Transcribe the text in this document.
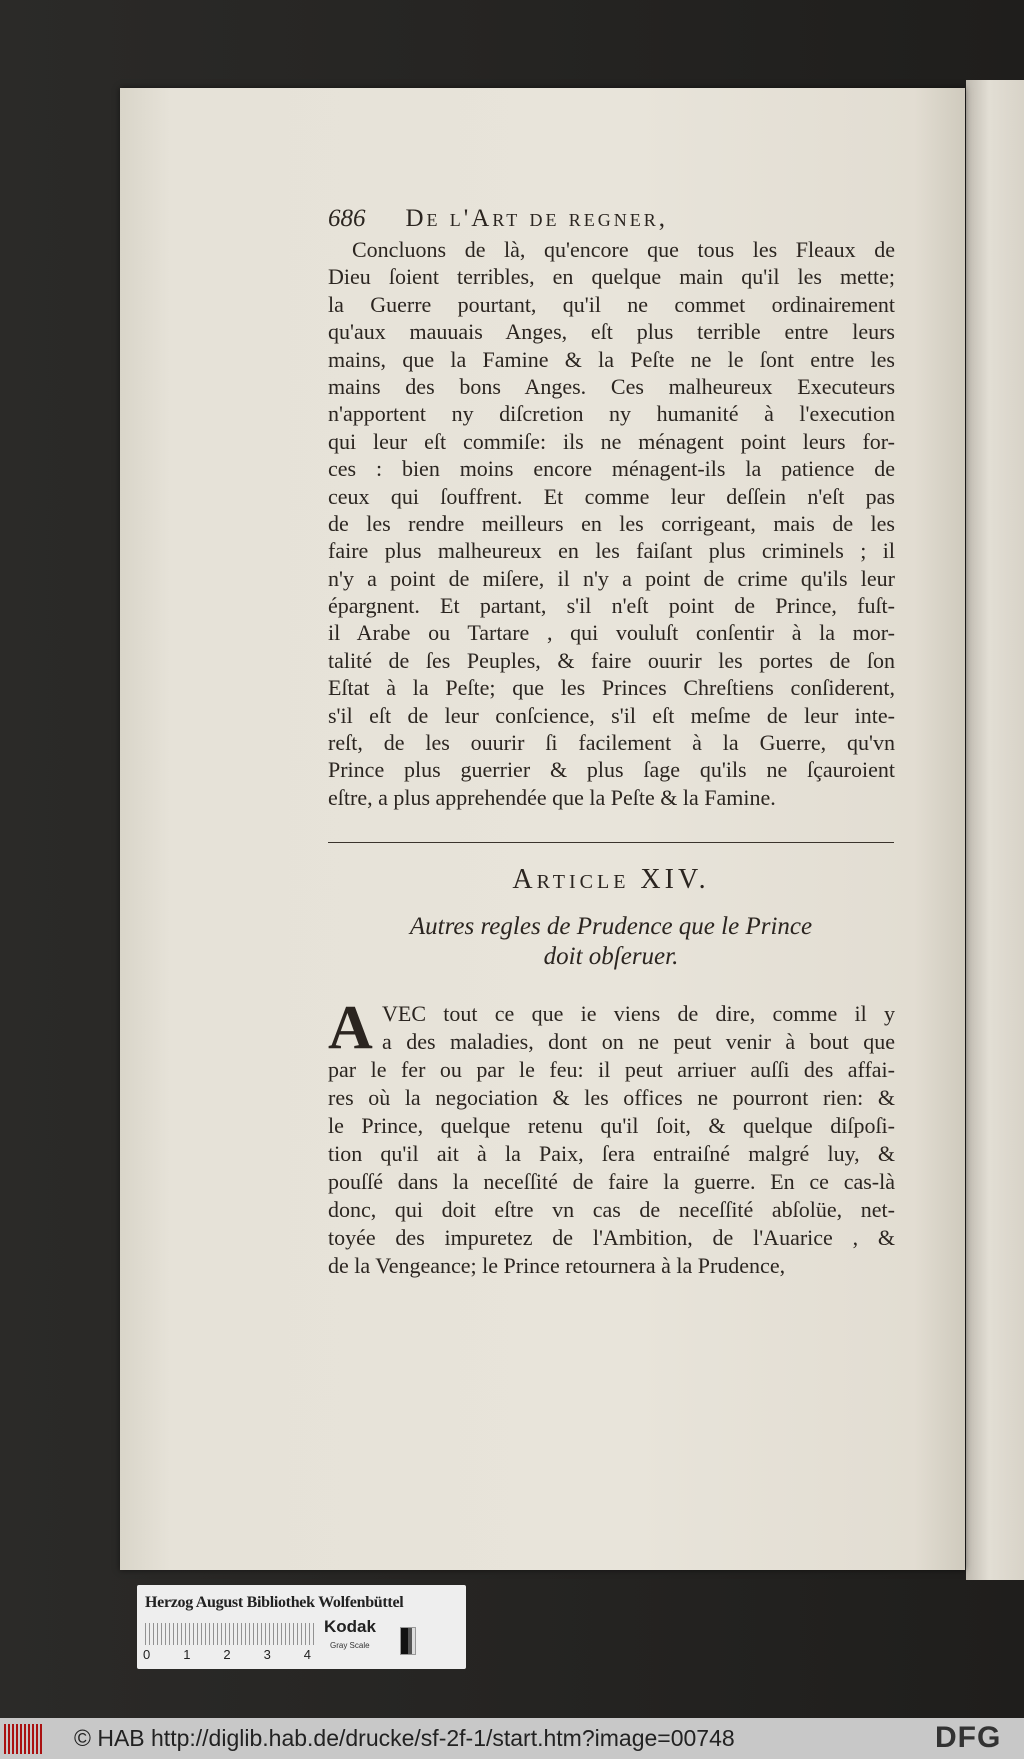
686 De l'Art de regner,
Concluons de là, qu'encore que tous les Fleaux de
Dieu ſoient terribles, en quelque main qu'il les mette;
la Guerre pourtant, qu'il ne commet ordinairement
qu'aux mauuais Anges, eſt plus terrible entre leurs
mains, que la Famine & la Peſte ne le ſont entre les
mains des bons Anges. Ces malheureux Executeurs
n'apportent ny diſcretion ny humanité à l'execution
qui leur eſt commiſe: ils ne ménagent point leurs for-
ces : bien moins encore ménagent-ils la patience de
ceux qui ſouffrent. Et comme leur deſſein n'eſt pas
de les rendre meilleurs en les corrigeant, mais de les
faire plus malheureux en les faiſant plus criminels ; il
n'y a point de miſere, il n'y a point de crime qu'ils leur
épargnent. Et partant, s'il n'eſt point de Prince, fuſt-
il Arabe ou Tartare , qui vouluſt conſentir à la mor-
talité de ſes Peuples, & faire ouurir les portes de ſon
Eſtat à la Peſte; que les Princes Chreſtiens conſiderent,
s'il eſt de leur conſcience, s'il eſt meſme de leur inte-
reſt, de les ouurir ſi facilement à la Guerre, qu'vn
Prince plus guerrier & plus ſage qu'ils ne ſçauroient
eſtre, a plus apprehendée que la Peſte & la Famine.
Article XIV.
Autres regles de Prudence que le Prince
doit obſeruer.
A VEC tout ce que ie viens de dire, comme il y
a des maladies, dont on ne peut venir à bout que
par le fer ou par le feu: il peut arriuer auſſi des affai-
res où la negociation & les offices ne pourront rien: &
le Prince, quelque retenu qu'il ſoit, & quelque diſpoſi-
tion qu'il ait à la Paix, ſera entraiſné malgré luy, &
pouſſé dans la neceſſité de faire la guerre. En ce cas-là
donc, qui doit eſtre vn cas de neceſſité abſolüe, net-
toyée des impuretez de l'Ambition, de l'Auarice , &
de la Vengeance; le Prince retournera à la Prudence,
Herzog August Bibliothek Wolfenbüttel
0	1	2	3	4
Kodak
Gray Scale
© HAB http://diglib.hab.de/drucke/sf-2f-1/start.htm?image=00748	DFG
